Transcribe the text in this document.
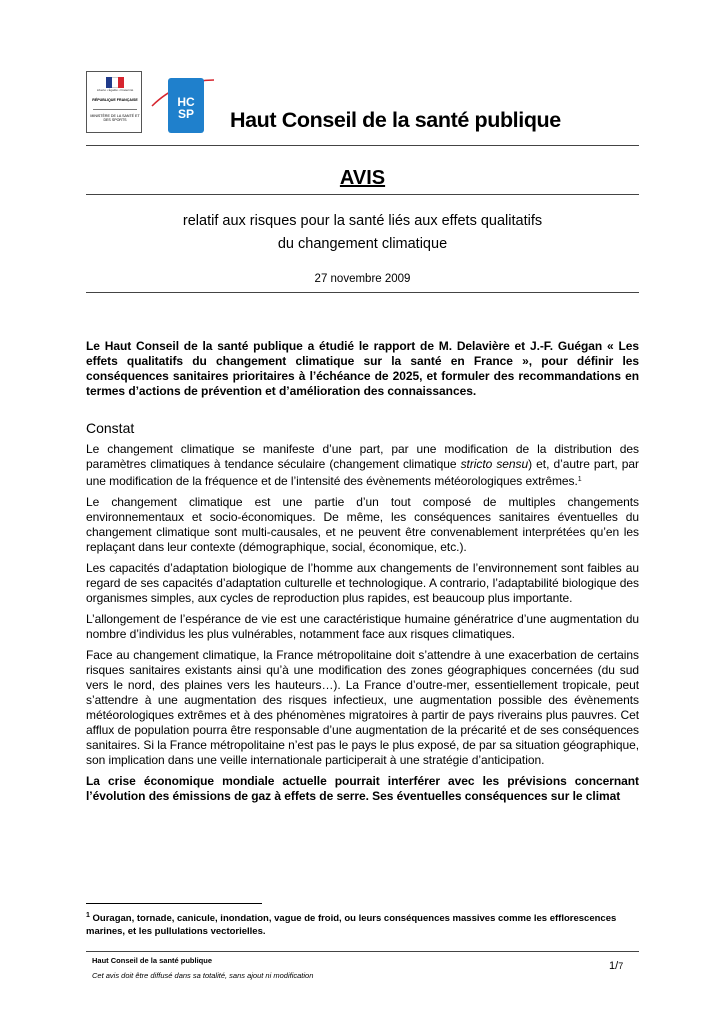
Liberté • Égalité • Fraternité
RÉPUBLIQUE FRANÇAISE
MINISTÈRE DE LA SANTÉ ET DES SPORTS
HC
SP	Haut Conseil de la santé publique
AVIS
relatif aux risques pour la santé liés aux effets qualitatifs
du changement climatique
27 novembre 2009

Le Haut Conseil de la santé publique a étudié le rapport de M. Delavière et J.-F. Guégan « Les effets qualitatifs du changement climatique sur la santé en France », pour définir les conséquences sanitaires prioritaires à l’échéance de 2025, et formuler des recommandations en termes d’actions de prévention et d’amélioration des connaissances.

Constat

Le changement climatique se manifeste d’une part, par une modification de la distribution des paramètres climatiques à tendance séculaire (changement climatique stricto sensu) et, d’autre part, par une modification de la fréquence et de l’intensité des évènements météorologiques extrêmes.$^1$

Le changement climatique est une partie d’un tout composé de multiples changements environnementaux et socio-économiques. De même, les conséquences sanitaires éventuelles du changement climatique sont multi-causales, et ne peuvent être convenablement interprétées qu’en les replaçant dans leur contexte (démographique, social, économique, etc.).

Les capacités d’adaptation biologique de l’homme aux changements de l’environnement sont faibles au regard de ses capacités d’adaptation culturelle et technologique. A contrario, l’adaptabilité biologique des organismes simples, aux cycles de reproduction plus rapides, est beaucoup plus importante.

L’allongement de l’espérance de vie est une caractéristique humaine génératrice d’une augmentation du nombre d’individus les plus vulnérables, notamment face aux risques climatiques.

Face au changement climatique, la France métropolitaine doit s’attendre à une exacerbation de certains risques sanitaires existants ainsi qu’à une modification des zones géographiques concernées (du sud vers le nord, des plaines vers les hauteurs…). La France d’outre-mer, essentiellement tropicale, peut s’attendre à une augmentation des risques infectieux, une augmentation possible des évènements météorologiques extrêmes et à des phénomènes migratoires à partir de pays riverains plus pauvres. Cet afflux de population pourra être responsable d’une augmentation de la précarité et de ses conséquences sanitaires. Si la France métropolitaine n’est pas le pays le plus exposé, de par sa situation géographique, son implication dans une veille internationale participerait à une stratégie d’anticipation.

La crise économique mondiale actuelle pourrait interférer avec les prévisions concernant l’évolution des émissions de gaz à effets de serre. Ses éventuelles conséquences sur le climat

$^1$ Ouragan, tornade, canicule, inondation, vague de froid, ou leurs conséquences massives comme les efflorescences marines, et les pullulations vectorielles.
Haut Conseil de la santé publique
Cet avis doit être diffusé dans sa totalité, sans ajout ni modification
1/7
